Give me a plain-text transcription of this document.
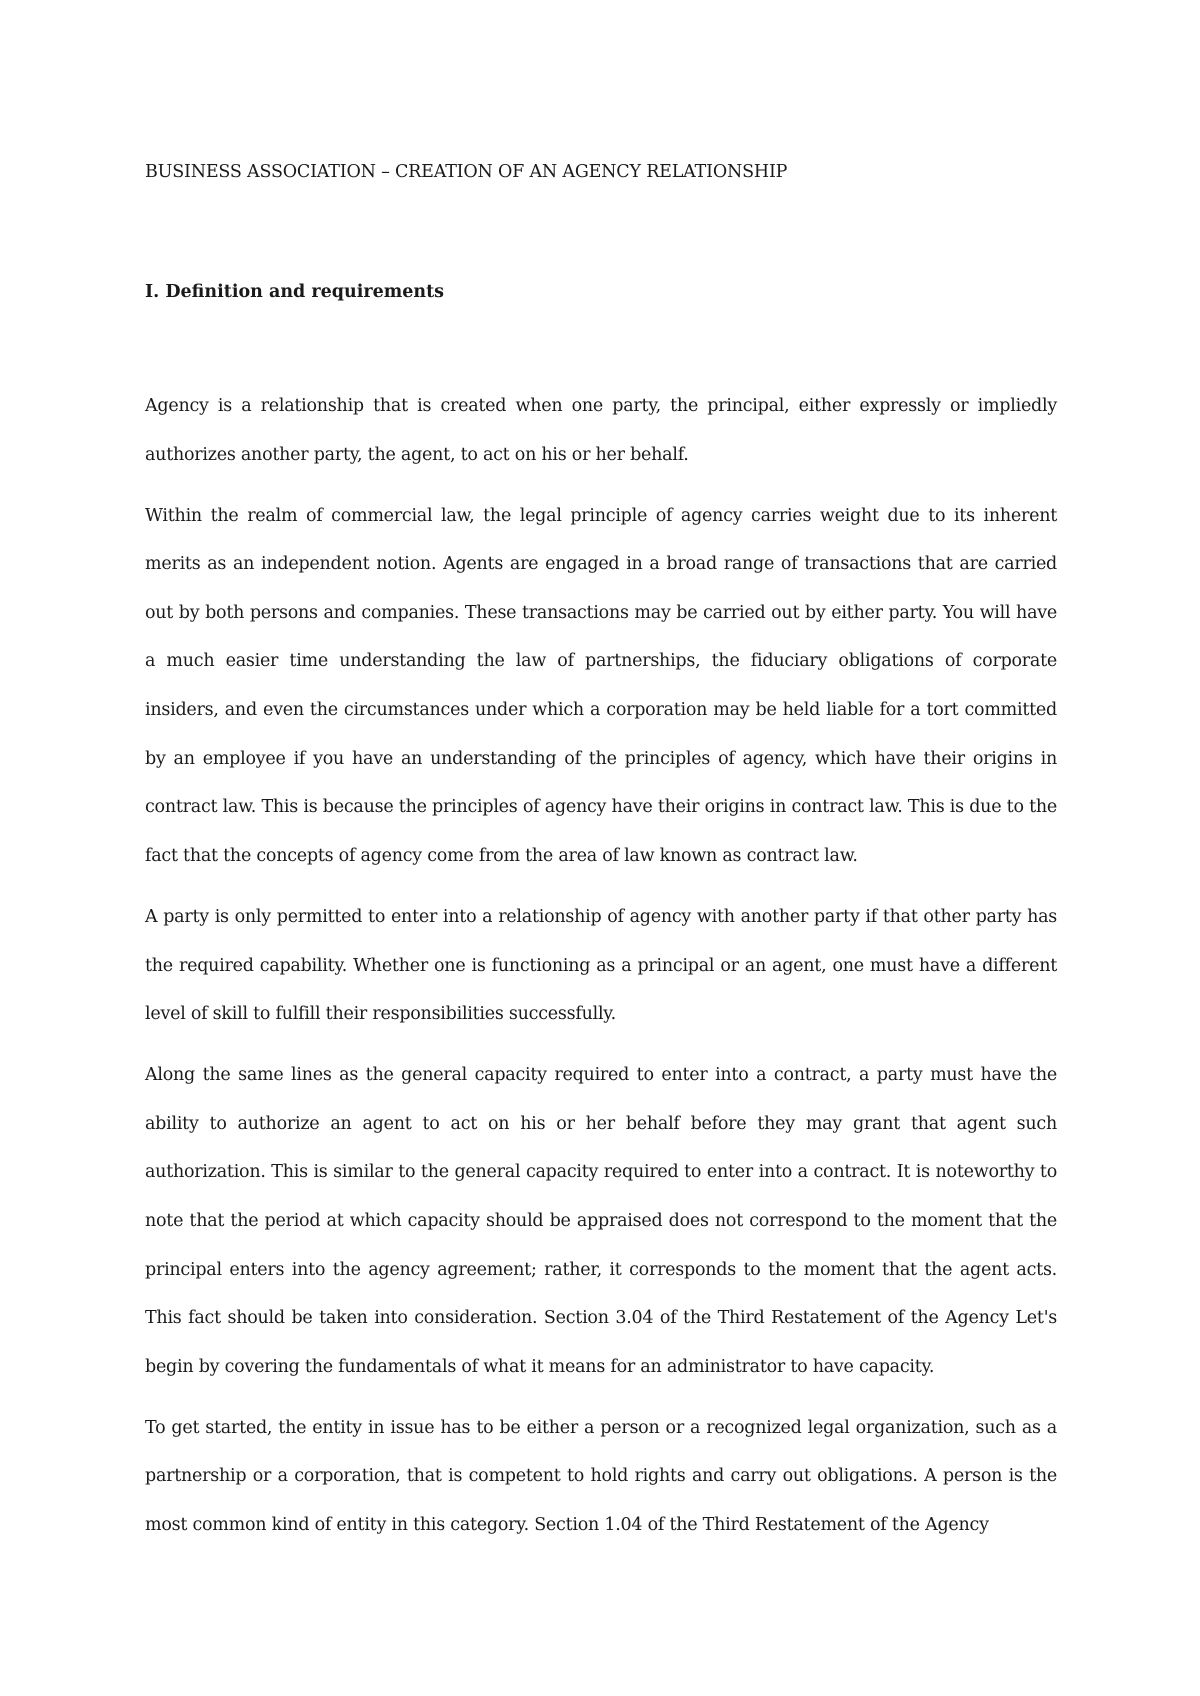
BUSINESS ASSOCIATION – CREATION OF AN AGENCY RELATIONSHIP
I. Definition and requirements

Agency is a relationship that is created when one party, the principal, either expressly or impliedly authorizes another party, the agent, to act on his or her behalf.

Within the realm of commercial law, the legal principle of agency carries weight due to its inherent merits as an independent notion. Agents are engaged in a broad range of transactions that are carried out by both persons and companies. These transactions may be carried out by either party. You will have a much easier time understanding the law of partnerships, the fiduciary obligations of corporate insiders, and even the circumstances under which a corporation may be held liable for a tort committed by an employee if you have an understanding of the principles of agency, which have their origins in contract law. This is because the principles of agency have their origins in contract law. This is due to the fact that the concepts of agency come from the area of law known as contract law.

A party is only permitted to enter into a relationship of agency with another party if that other party has the required capability. Whether one is functioning as a principal or an agent, one must have a different level of skill to fulfill their responsibilities successfully.

Along the same lines as the general capacity required to enter into a contract, a party must have the ability to authorize an agent to act on his or her behalf before they may grant that agent such authorization. This is similar to the general capacity required to enter into a contract. It is noteworthy to note that the period at which capacity should be appraised does not correspond to the moment that the principal enters into the agency agreement; rather, it corresponds to the moment that the agent acts. This fact should be taken into consideration. Section 3.04 of the Third Restatement of the Agency Let's begin by covering the fundamentals of what it means for an administrator to have capacity.

To get started, the entity in issue has to be either a person or a recognized legal organization, such as a partnership or a corporation, that is competent to hold rights and carry out obligations. A person is the most common kind of entity in this category. Section 1.04 of the Third Restatement of the Agency
